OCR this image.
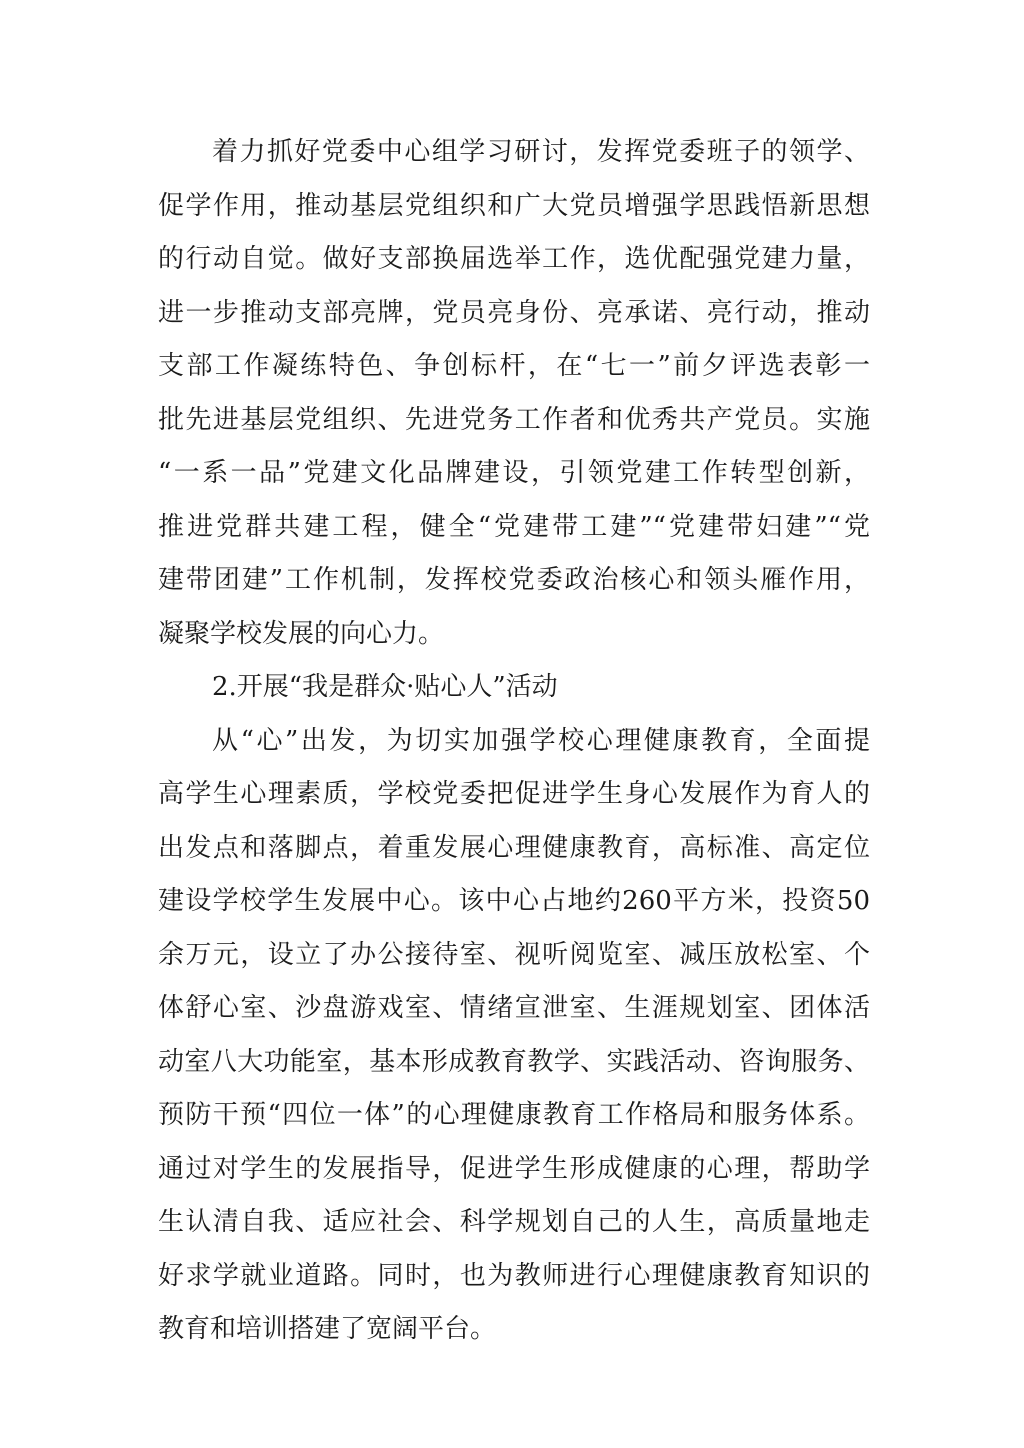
着力抓好党委中心组学习研讨，发挥党委班子的领学、
促学作用，推动基层党组织和广大党员增强学思践悟新思想
的行动自觉。做好支部换届选举工作，选优配强党建力量，
进一步推动支部亮牌，党员亮身份、亮承诺、亮行动，推动
支部工作凝练特色、争创标杆，在“七一”前夕评选表彰一
批先进基层党组织、先进党务工作者和优秀共产党员。实施
“一系一品”党建文化品牌建设，引领党建工作转型创新，
推进党群共建工程，健全“党建带工建”“党建带妇建”“党
建带团建”工作机制，发挥校党委政治核心和领头雁作用，
凝聚学校发展的向心力。
2.开展“我是群众·贴心人”活动
从“心”出发，为切实加强学校心理健康教育，全面提
高学生心理素质，学校党委把促进学生身心发展作为育人的
出发点和落脚点，着重发展心理健康教育，高标准、高定位
建设学校学生发展中心。该中心占地约260平方米，投资50
余万元，设立了办公接待室、视听阅览室、减压放松室、个
体舒心室、沙盘游戏室、情绪宣泄室、生涯规划室、团体活
动室八大功能室，基本形成教育教学、实践活动、咨询服务、
预防干预“四位一体”的心理健康教育工作格局和服务体系。
通过对学生的发展指导，促进学生形成健康的心理，帮助学
生认清自我、适应社会、科学规划自己的人生，高质量地走
好求学就业道路。同时，也为教师进行心理健康教育知识的
教育和培训搭建了宽阔平台。
